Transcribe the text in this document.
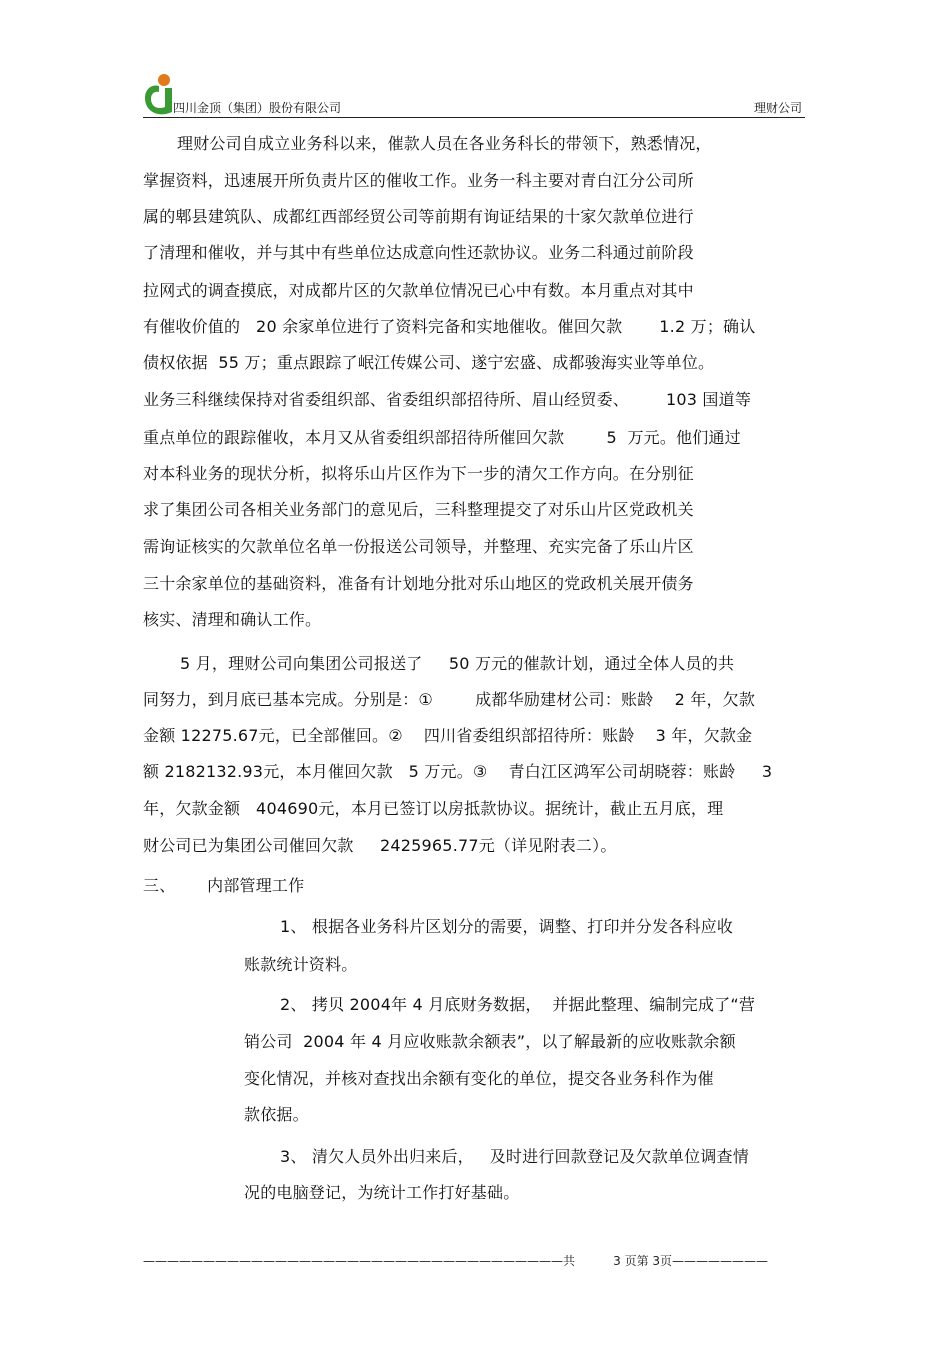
四川金顶（集团）股份有限公司	理财公司
理财公司自成立业务科以来，催款人员在各业务科长的带领下，熟悉情况，
掌握资料，迅速展开所负责片区的催收工作。业务一科主要对青白江分公司所
属的郫县建筑队、成都红西部经贸公司等前期有询证结果的十家欠款单位进行
了清理和催收，并与其中有些单位达成意向性还款协议。业务二科通过前阶段
拉网式的调查摸底，对成都片区的欠款单位情况已心中有数。本月重点对其中
有催收价值的   20 余家单位进行了资料完备和实地催收。催回欠款       1.2 万；确认
债权依据  55 万；重点跟踪了岷江传媒公司、遂宁宏盛、成都骏海实业等单位。
业务三科继续保持对省委组织部、省委组织部招待所、眉山经贸委、       103 国道等
重点单位的跟踪催收，本月又从省委组织部招待所催回欠款        5  万元。他们通过
对本科业务的现状分析，拟将乐山片区作为下一步的清欠工作方向。在分别征
求了集团公司各相关业务部门的意见后，三科整理提交了对乐山片区党政机关
需询证核实的欠款单位名单一份报送公司领导，并整理、充实完备了乐山片区
三十余家单位的基础资料，准备有计划地分批对乐山地区的党政机关展开债务
核实、清理和确认工作。
5 月，理财公司向集团公司报送了     50 万元的催款计划，通过全体人员的共
同努力，到月底已基本完成。分别是：①        成都华励建材公司：账龄    2 年，欠款
金额 12275.67元，已全部催回。②    四川省委组织部招待所：账龄    3 年，欠款金
额 2182132.93元，本月催回欠款   5 万元。③    青白江区鸿军公司胡晓蓉：账龄     3
年，欠款金额   404690元，本月已签订以房抵款协议。据统计，截止五月底，理
财公司已为集团公司催回欠款     2425965.77元（详见附表二）。
三、      内部管理工作
1、 根据各业务科片区划分的需要，调整、打印并分发各科应收
账款统计资料。
2、 拷贝 2004年 4 月底财务数据，  并据此整理、编制完成了“营
销公司  2004 年 4 月应收账款余额表”，以了解最新的应收账款余额
变化情况，并核对查找出余额有变化的单位，提交各业务科作为催
款依据。
3、 清欠人员外出归来后，   及时进行回款登记及欠款单位调查情
况的电脑登记，为统计工作打好基础。
———————————————————————————————————共          3 页第 3页————————
